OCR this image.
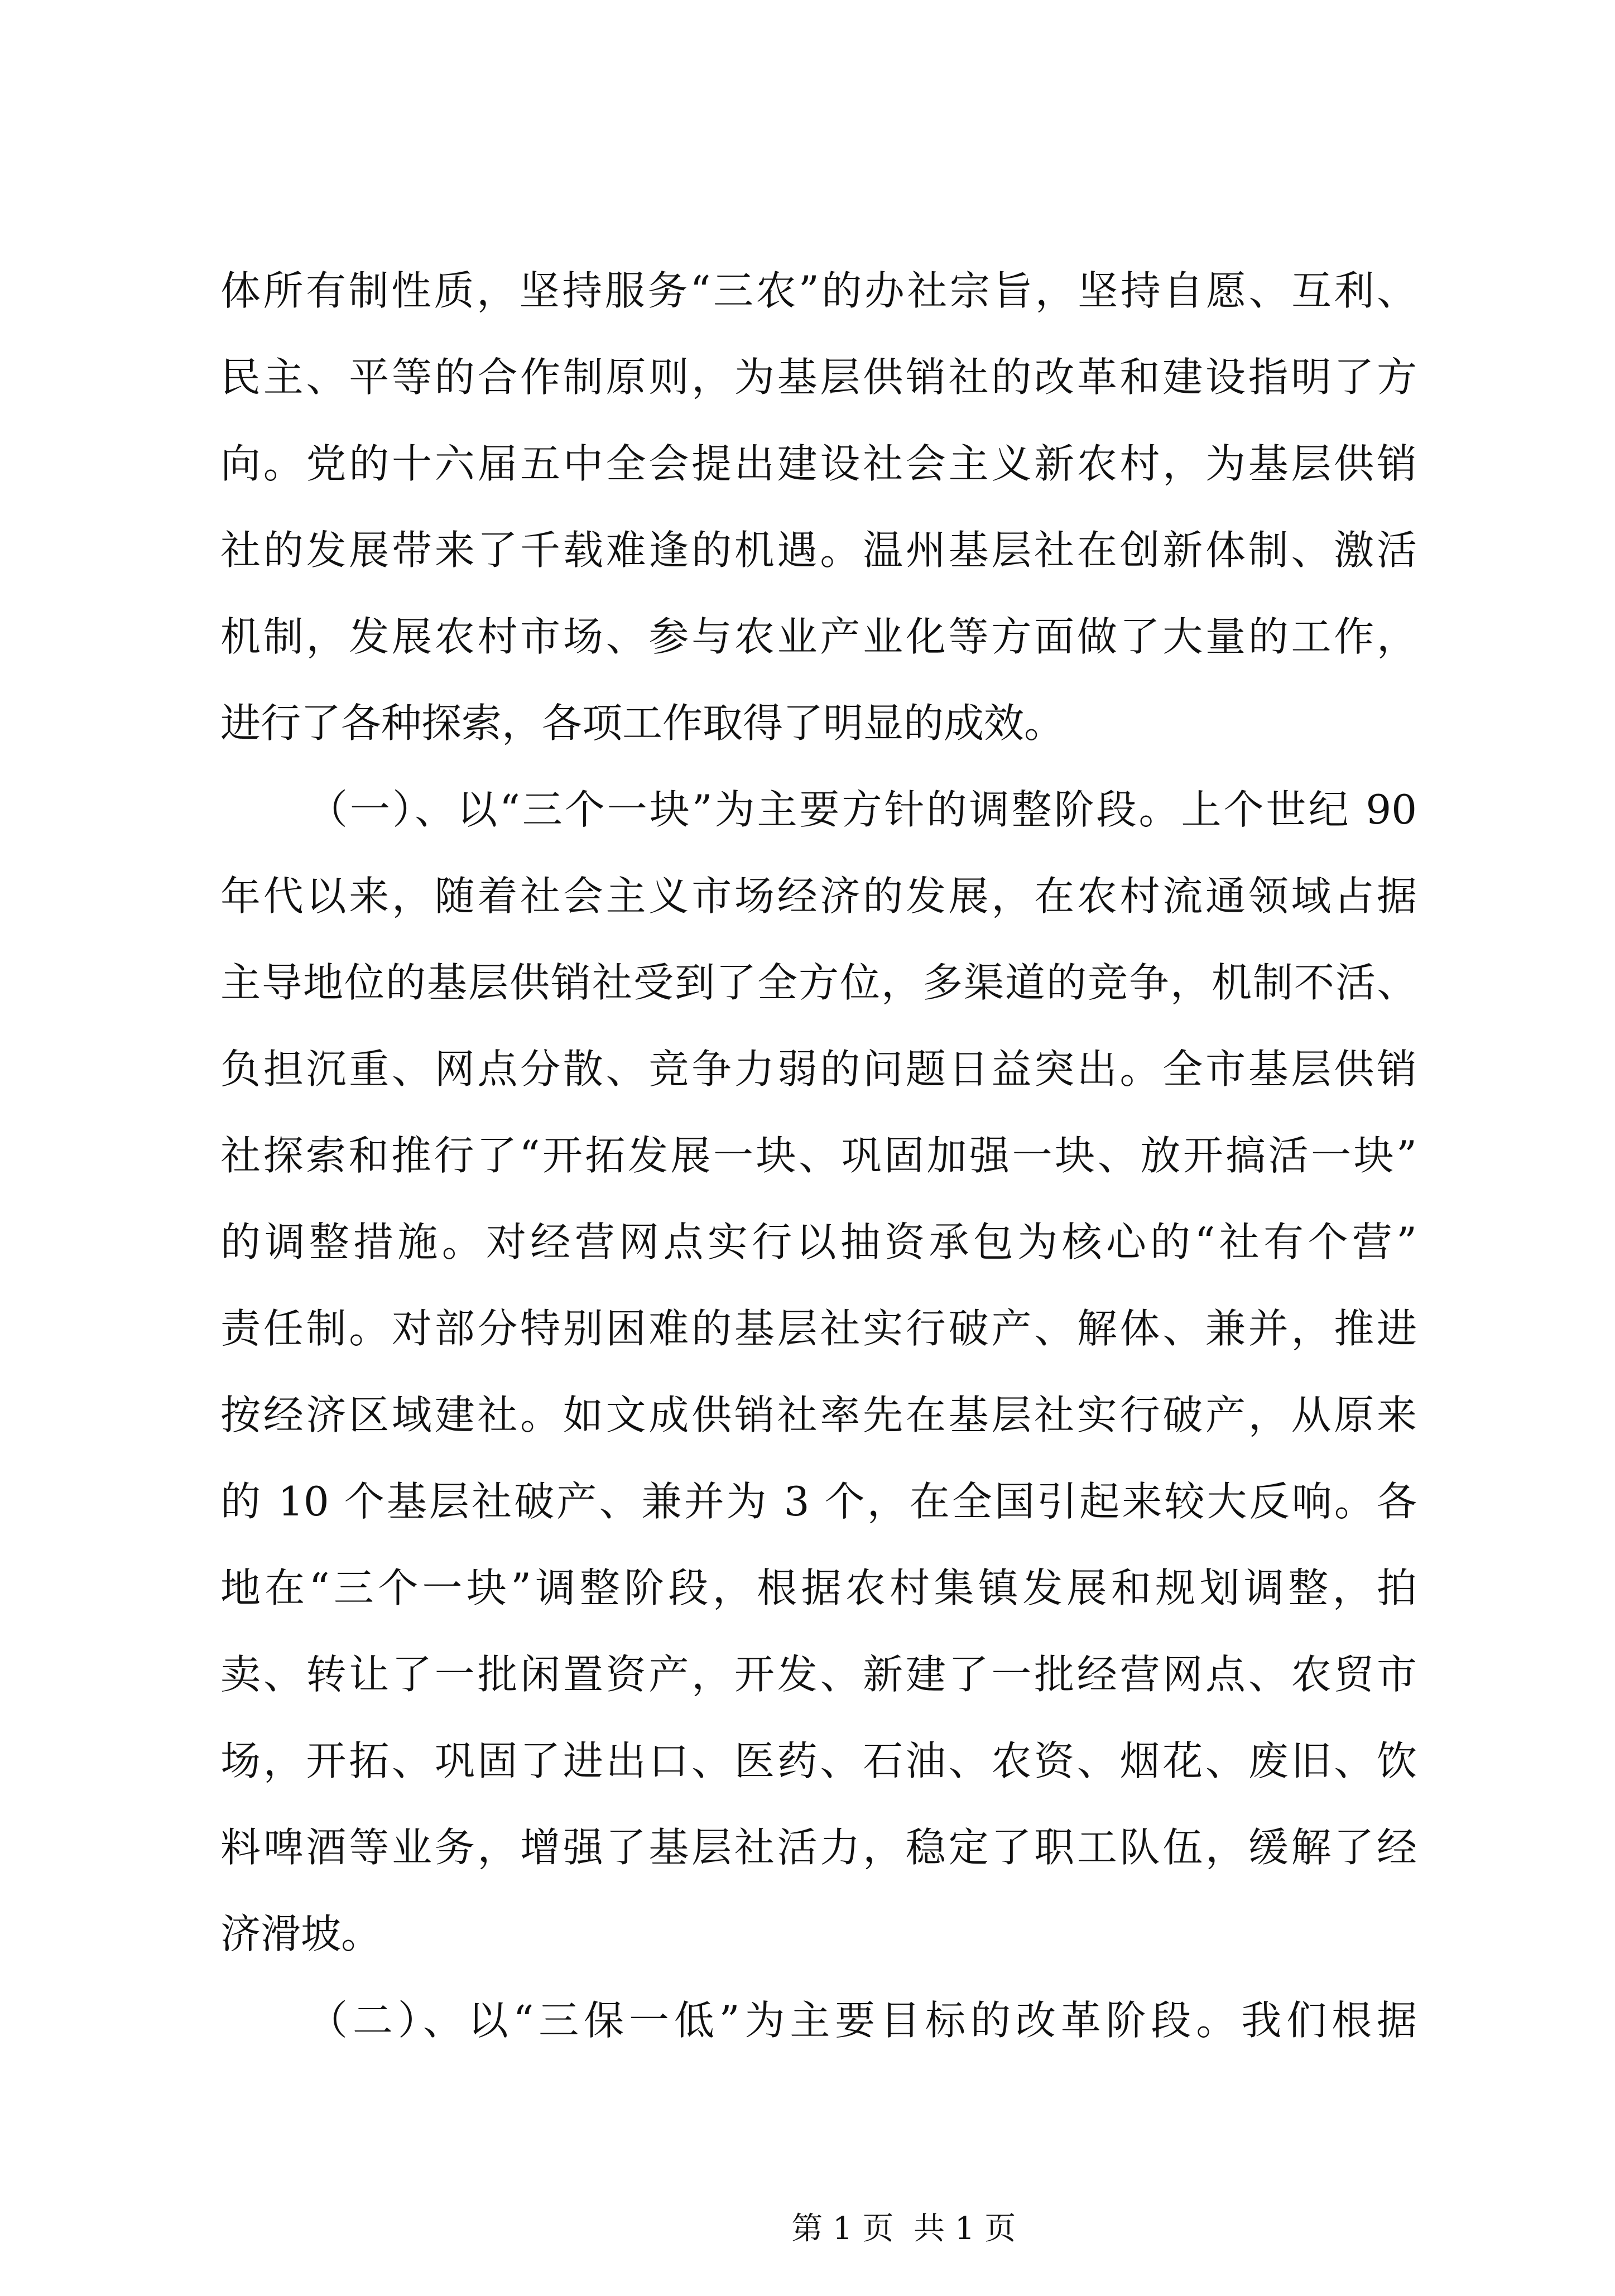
体所有制性质，坚持服务“三农”的办社宗旨，坚持自愿、互利、
民主、平等的合作制原则，为基层供销社的改革和建设指明了方
向。党的十六届五中全会提出建设社会主义新农村，为基层供销
社的发展带来了千载难逢的机遇。温州基层社在创新体制、激活
机制，发展农村市场、参与农业产业化等方面做了大量的工作，
进行了各种探索，各项工作取得了明显的成效。

（一）、以“三个一块”为主要方针的调整阶段。上个世纪 90
年代以来，随着社会主义市场经济的发展，在农村流通领域占据
主导地位的基层供销社受到了全方位，多渠道的竞争，机制不活、
负担沉重、网点分散、竞争力弱的问题日益突出。全市基层供销
社探索和推行了“开拓发展一块、巩固加强一块、放开搞活一块”
的调整措施。对经营网点实行以抽资承包为核心的“社有个营”
责任制。对部分特别困难的基层社实行破产、解体、兼并，推进
按经济区域建社。如文成供销社率先在基层社实行破产，从原来
的 10 个基层社破产、兼并为 3 个，在全国引起来较大反响。各
地在“三个一块”调整阶段，根据农村集镇发展和规划调整，拍
卖、转让了一批闲置资产，开发、新建了一批经营网点、农贸市
场，开拓、巩固了进出口、医药、石油、农资、烟花、废旧、饮
料啤酒等业务，增强了基层社活力，稳定了职工队伍，缓解了经
济滑坡。

（二）、以“三保一低”为主要目标的改革阶段。我们根据

第 1 页  共 1 页
